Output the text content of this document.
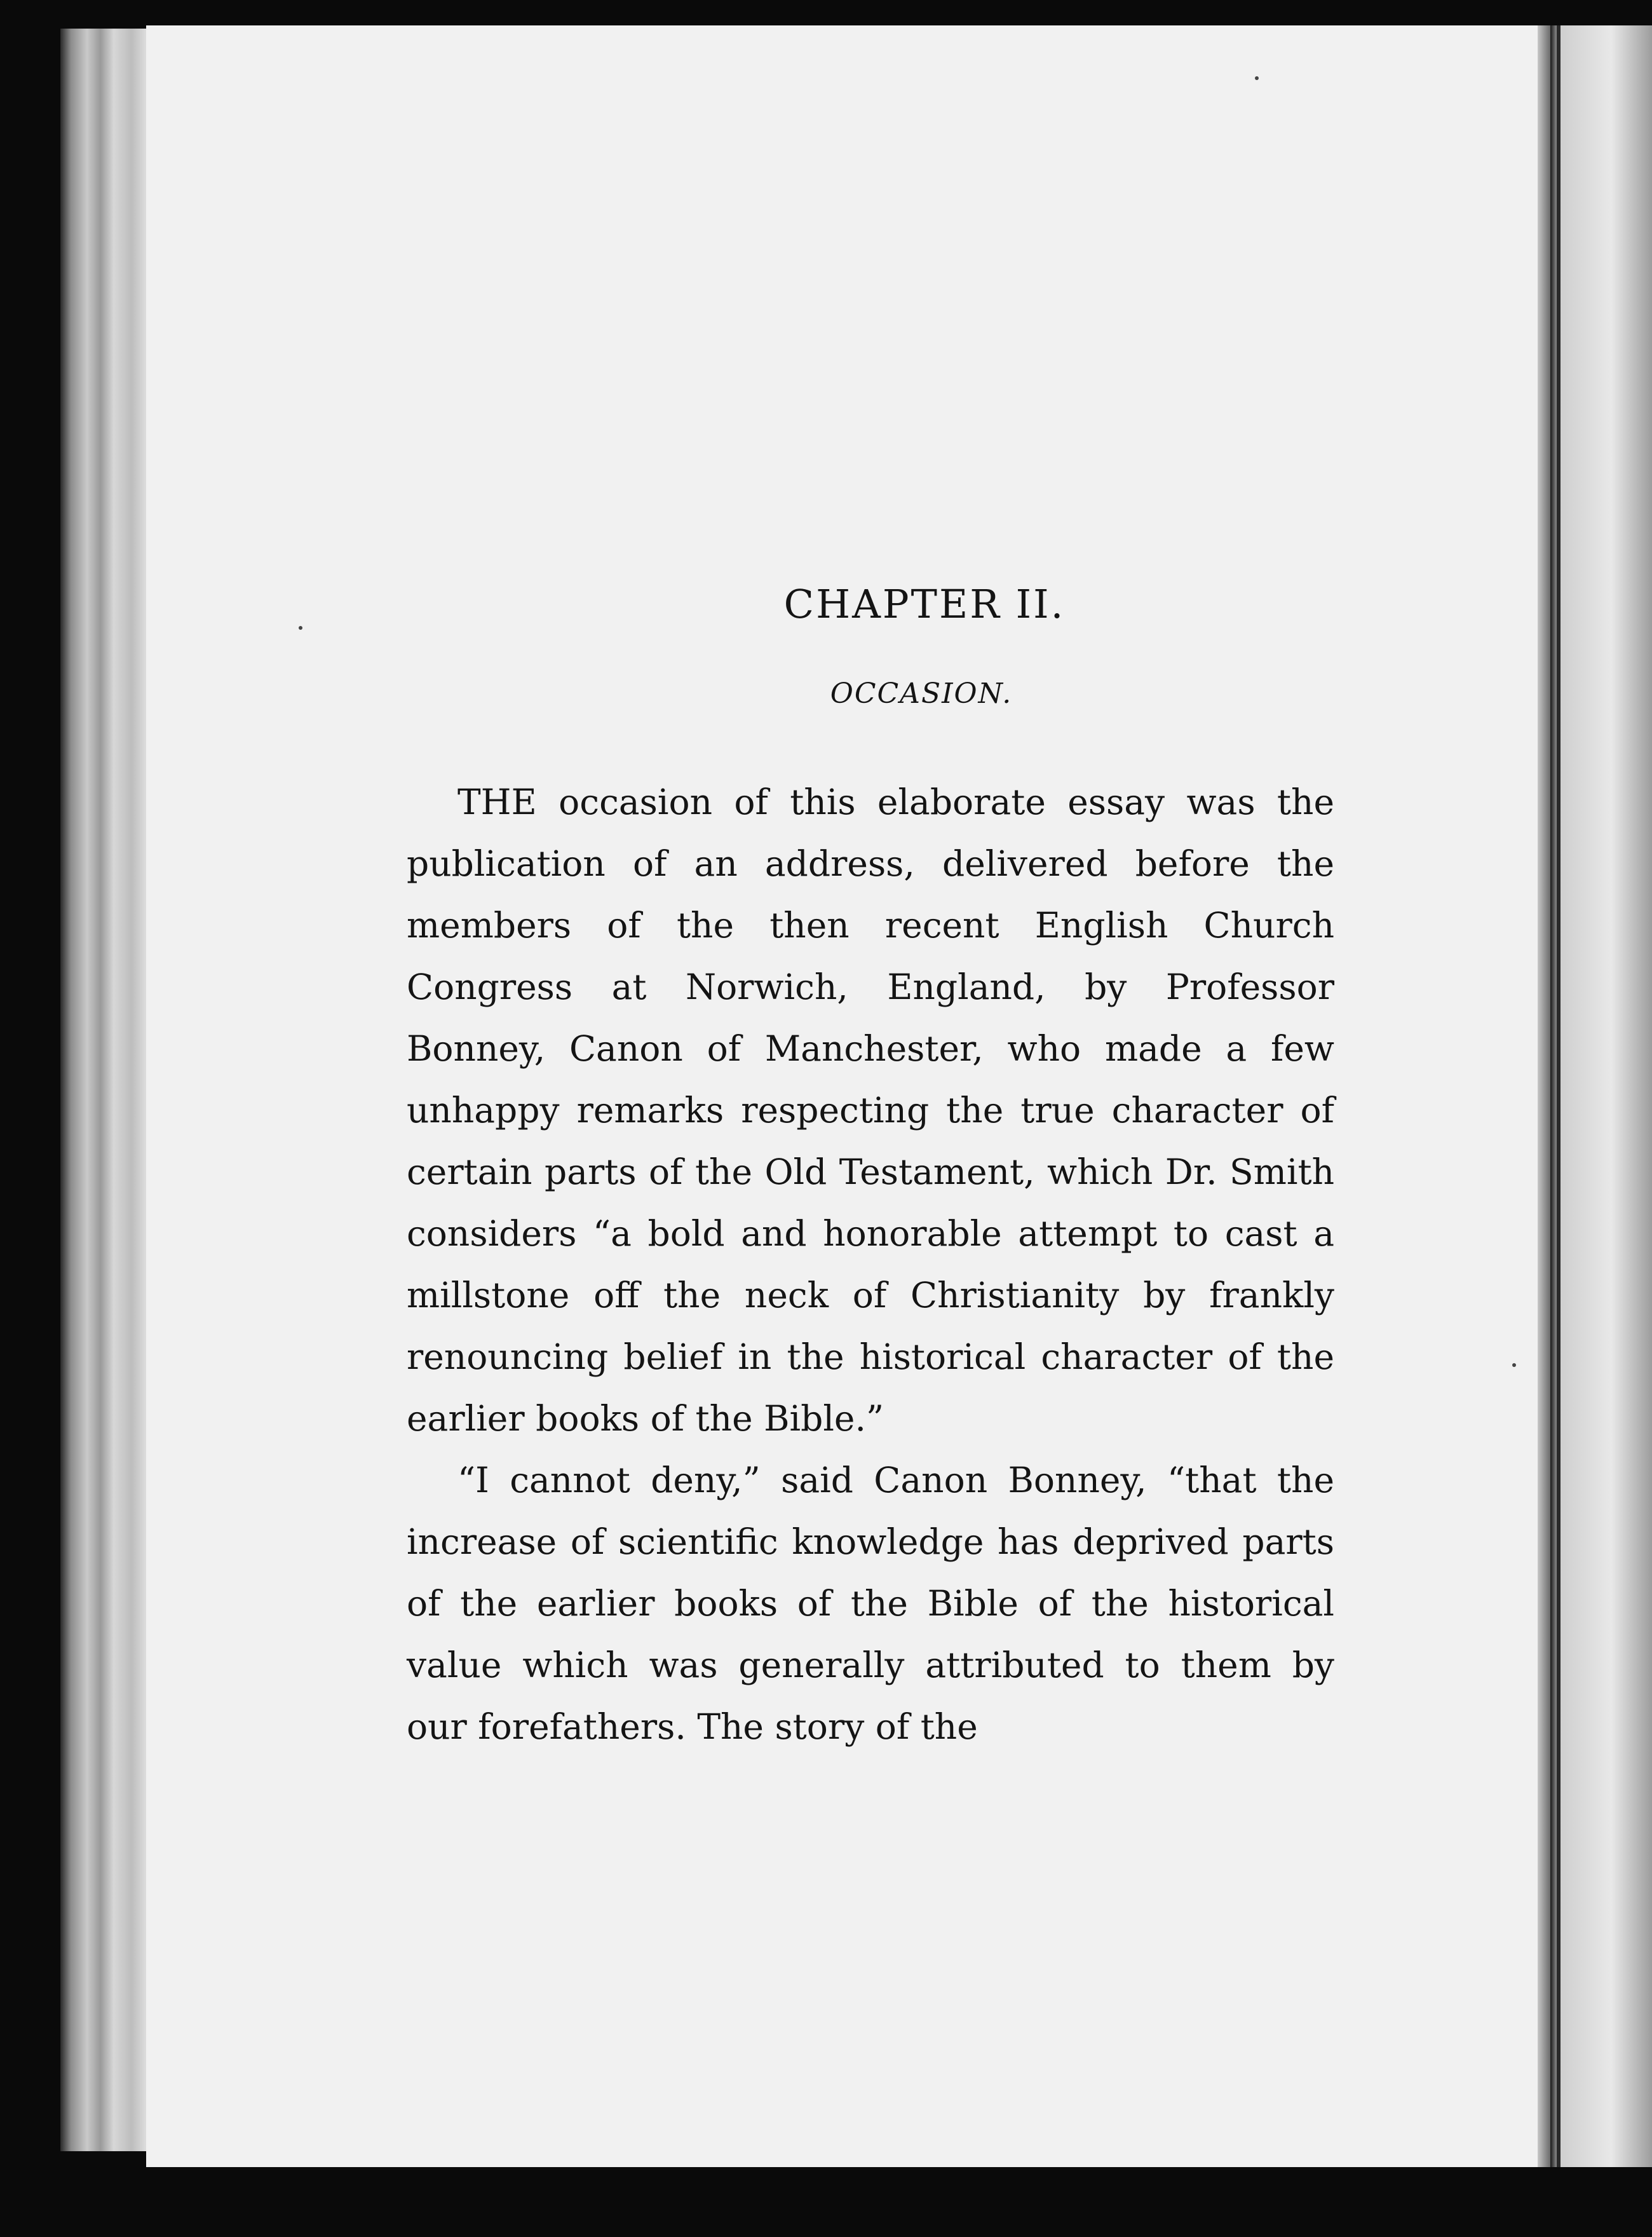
CHAPTER II.
OCCASION.

THE occasion of this elaborate essay was the publication of an address, delivered before the members of the then recent English Church Congress at Norwich, England, by Professor Bonney, Canon of Manchester, who made a few unhappy remarks respecting the true character of certain parts of the Old Testament, which Dr. Smith considers “a bold and honorable attempt to cast a millstone off the neck of Christianity by frankly renouncing belief in the historical character of the earlier books of the Bible.”

“I cannot deny,” said Canon Bonney, “that the increase of scientific knowledge has deprived parts of the earlier books of the Bible of the historical value which was generally attributed to them by our forefathers. The story of the
